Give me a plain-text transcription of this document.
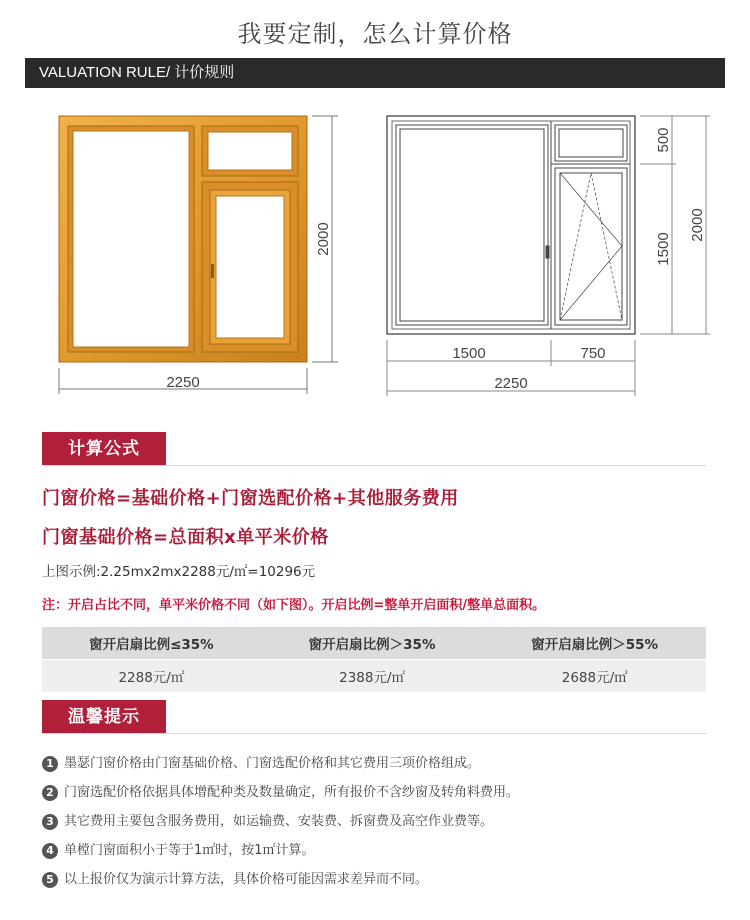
我要定制，怎么计算价格
VALUATION RULE/ 计价规则
2000
2250
1500	750
2250
500
1500
2000
计算公式
门窗价格=基础价格+门窗选配价格+其他服务费用
门窗基础价格=总面积x单平米价格
上图示例:2.25mx2mx2288元/㎡=10296元
注：开启占比不同，单平米价格不同（如下图）。开启比例=整单开启面积/整单总面积。
窗开启扇比例≤35%	窗开启扇比例＞35%	窗开启扇比例＞55%
2288元/㎡	2388元/㎡	2688元/㎡
温馨提示
1 墨瑟门窗价格由门窗基础价格、门窗选配价格和其它费用三项价格组成。
2 门窗选配价格依据具体增配种类及数量确定，所有报价不含纱窗及转角料费用。
3 其它费用主要包含服务费用，如运输费、安装费、拆窗费及高空作业费等。
4 单樘门窗面积小于等于1㎡时，按1㎡计算。
5 以上报价仅为演示计算方法，具体价格可能因需求差异而不同。
